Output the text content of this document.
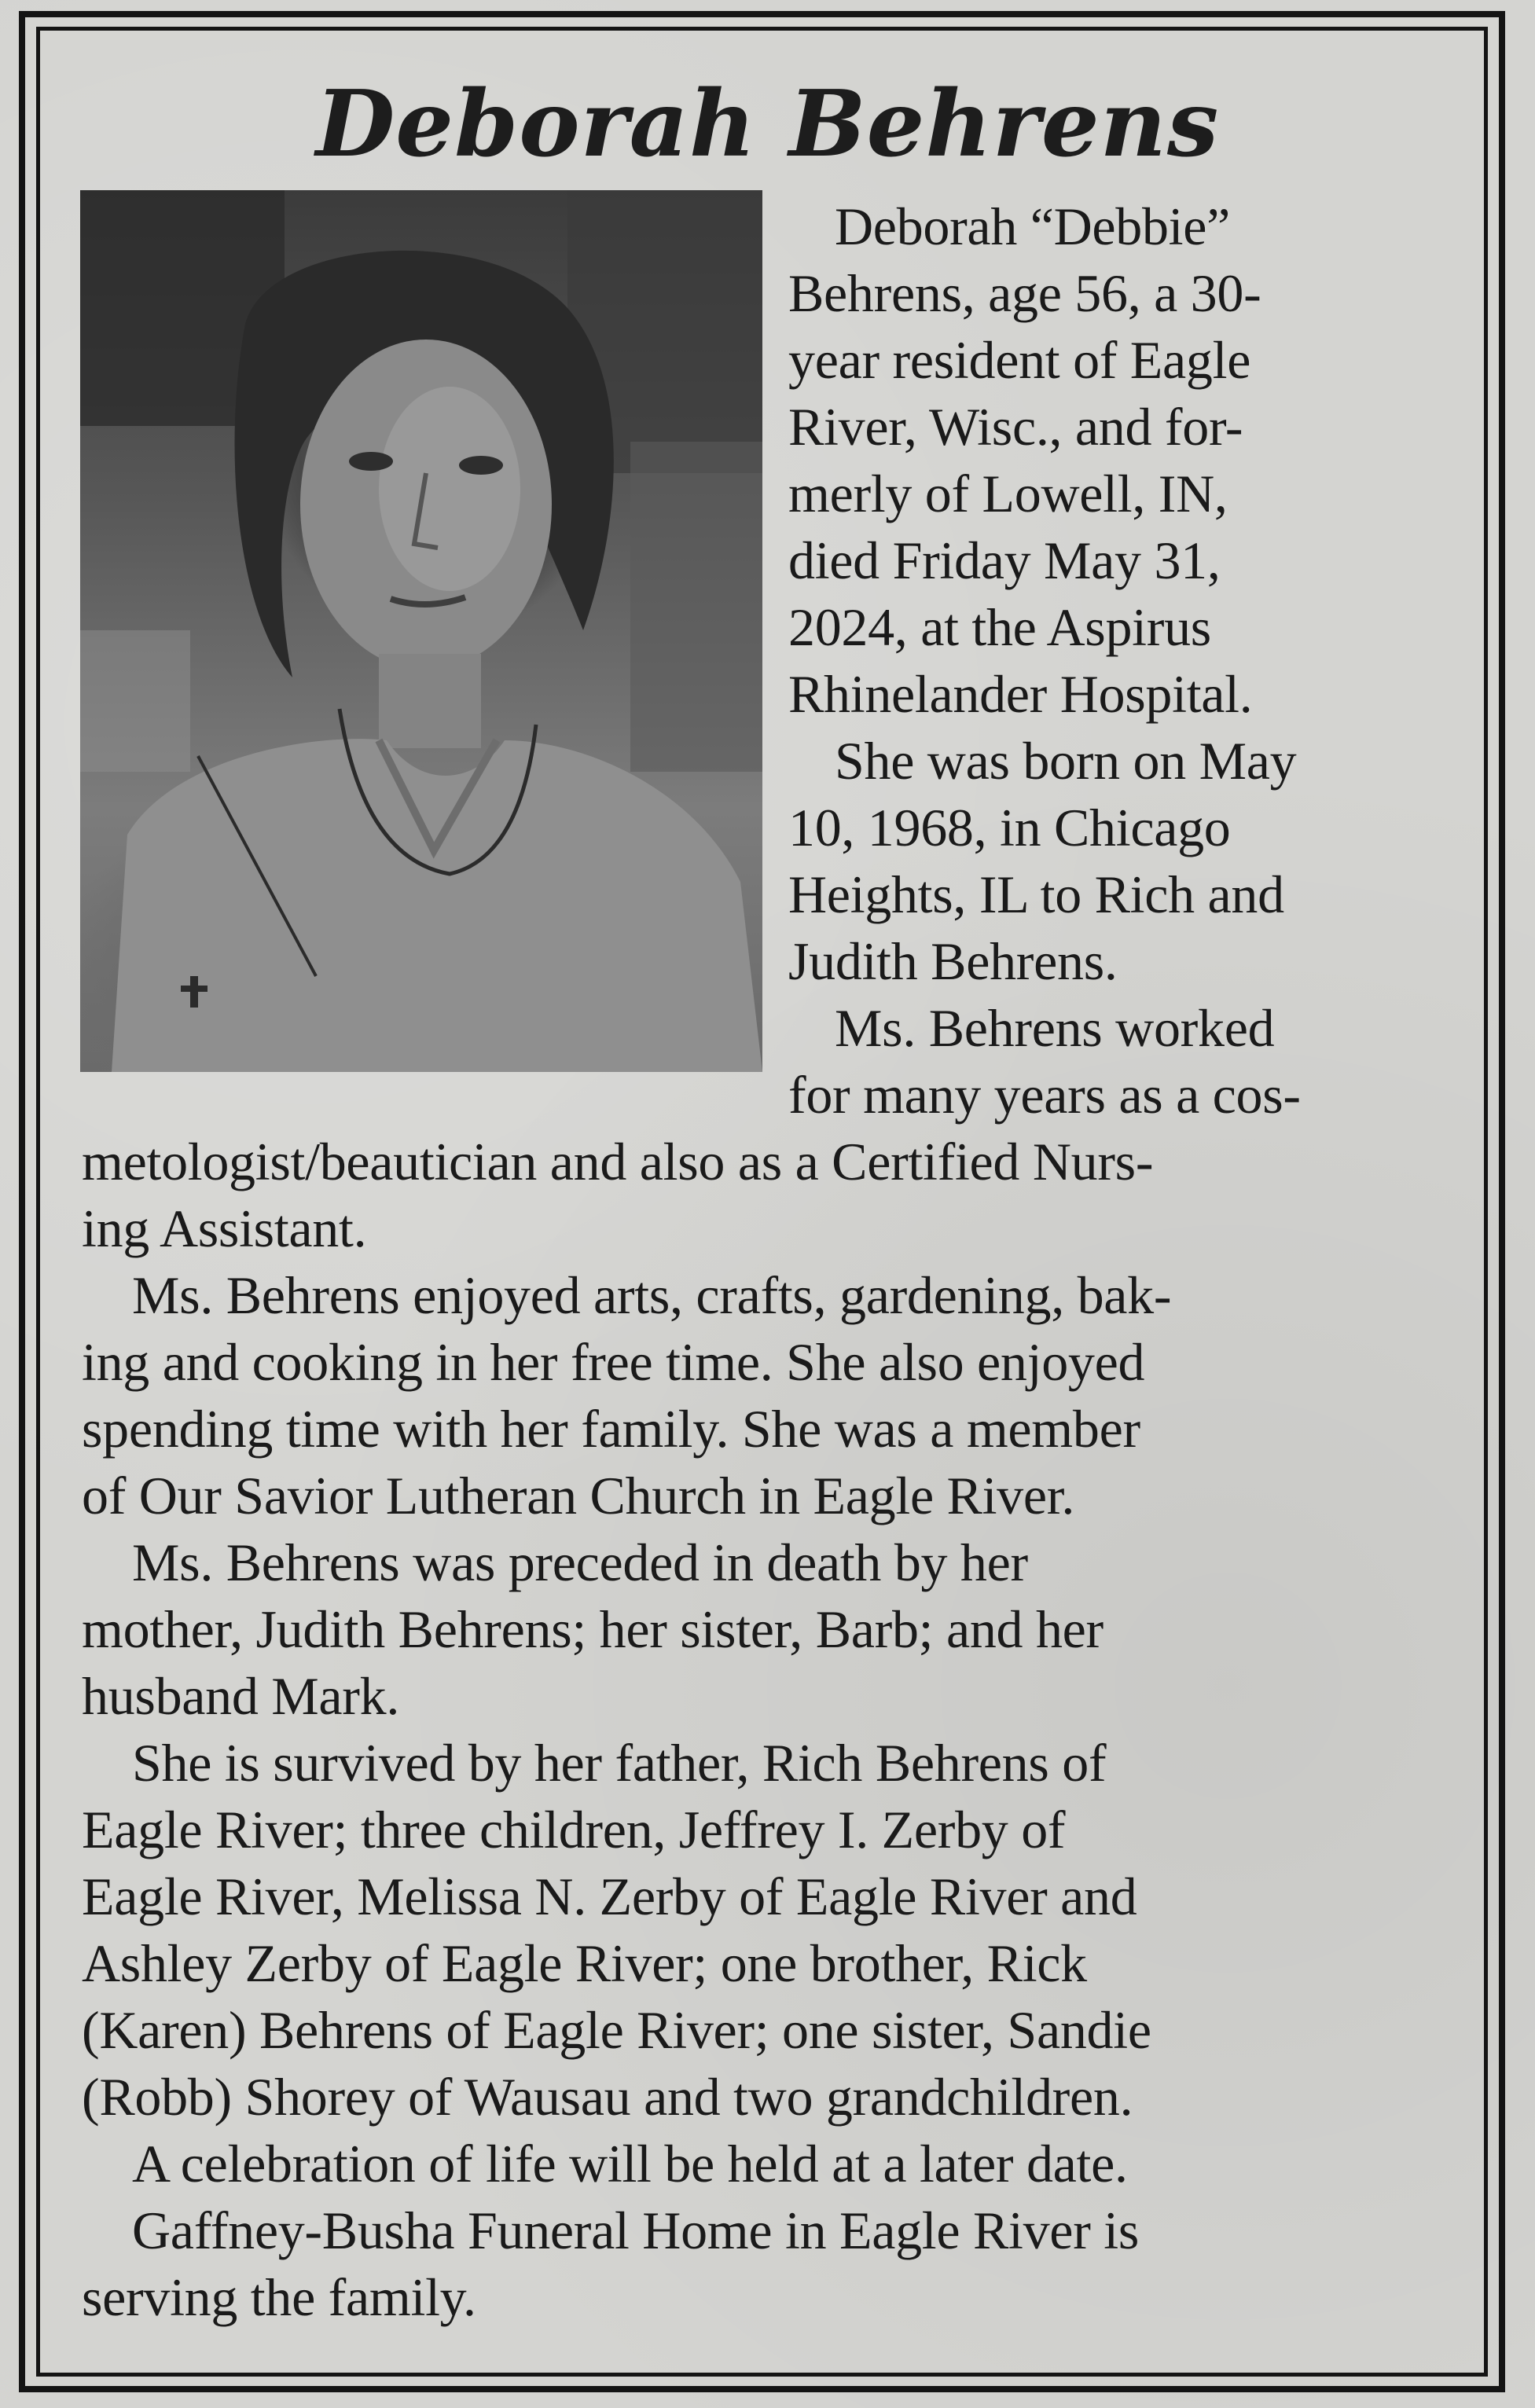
Deborah Behrens
Deborah “Debbie”
Behrens, age 56, a 30-
year resident of Eagle
River, Wisc., and for-
merly of Lowell, IN,
died Friday May 31,
2024, at the Aspirus
Rhinelander Hospital.
She was born on May
10, 1968, in Chicago
Heights, IL to Rich and
Judith Behrens.
Ms. Behrens worked
for many years as a cos-
metologist/beautician and also as a Certified Nurs-
ing Assistant.
Ms. Behrens enjoyed arts, crafts, gardening, bak-
ing and cooking in her free time. She also enjoyed
spending time with her family. She was a member
of Our Savior Lutheran Church in Eagle River.
Ms. Behrens was preceded in death by her
mother, Judith Behrens; her sister, Barb; and her
husband Mark.
She is survived by her father, Rich Behrens of
Eagle River; three children, Jeffrey I. Zerby of
Eagle River, Melissa N. Zerby of Eagle River and
Ashley Zerby of Eagle River; one brother, Rick
(Karen) Behrens of Eagle River; one sister, Sandie
(Robb) Shorey of Wausau and two grandchildren.
A celebration of life will be held at a later date.
Gaffney-Busha Funeral Home in Eagle River is
serving the family.
